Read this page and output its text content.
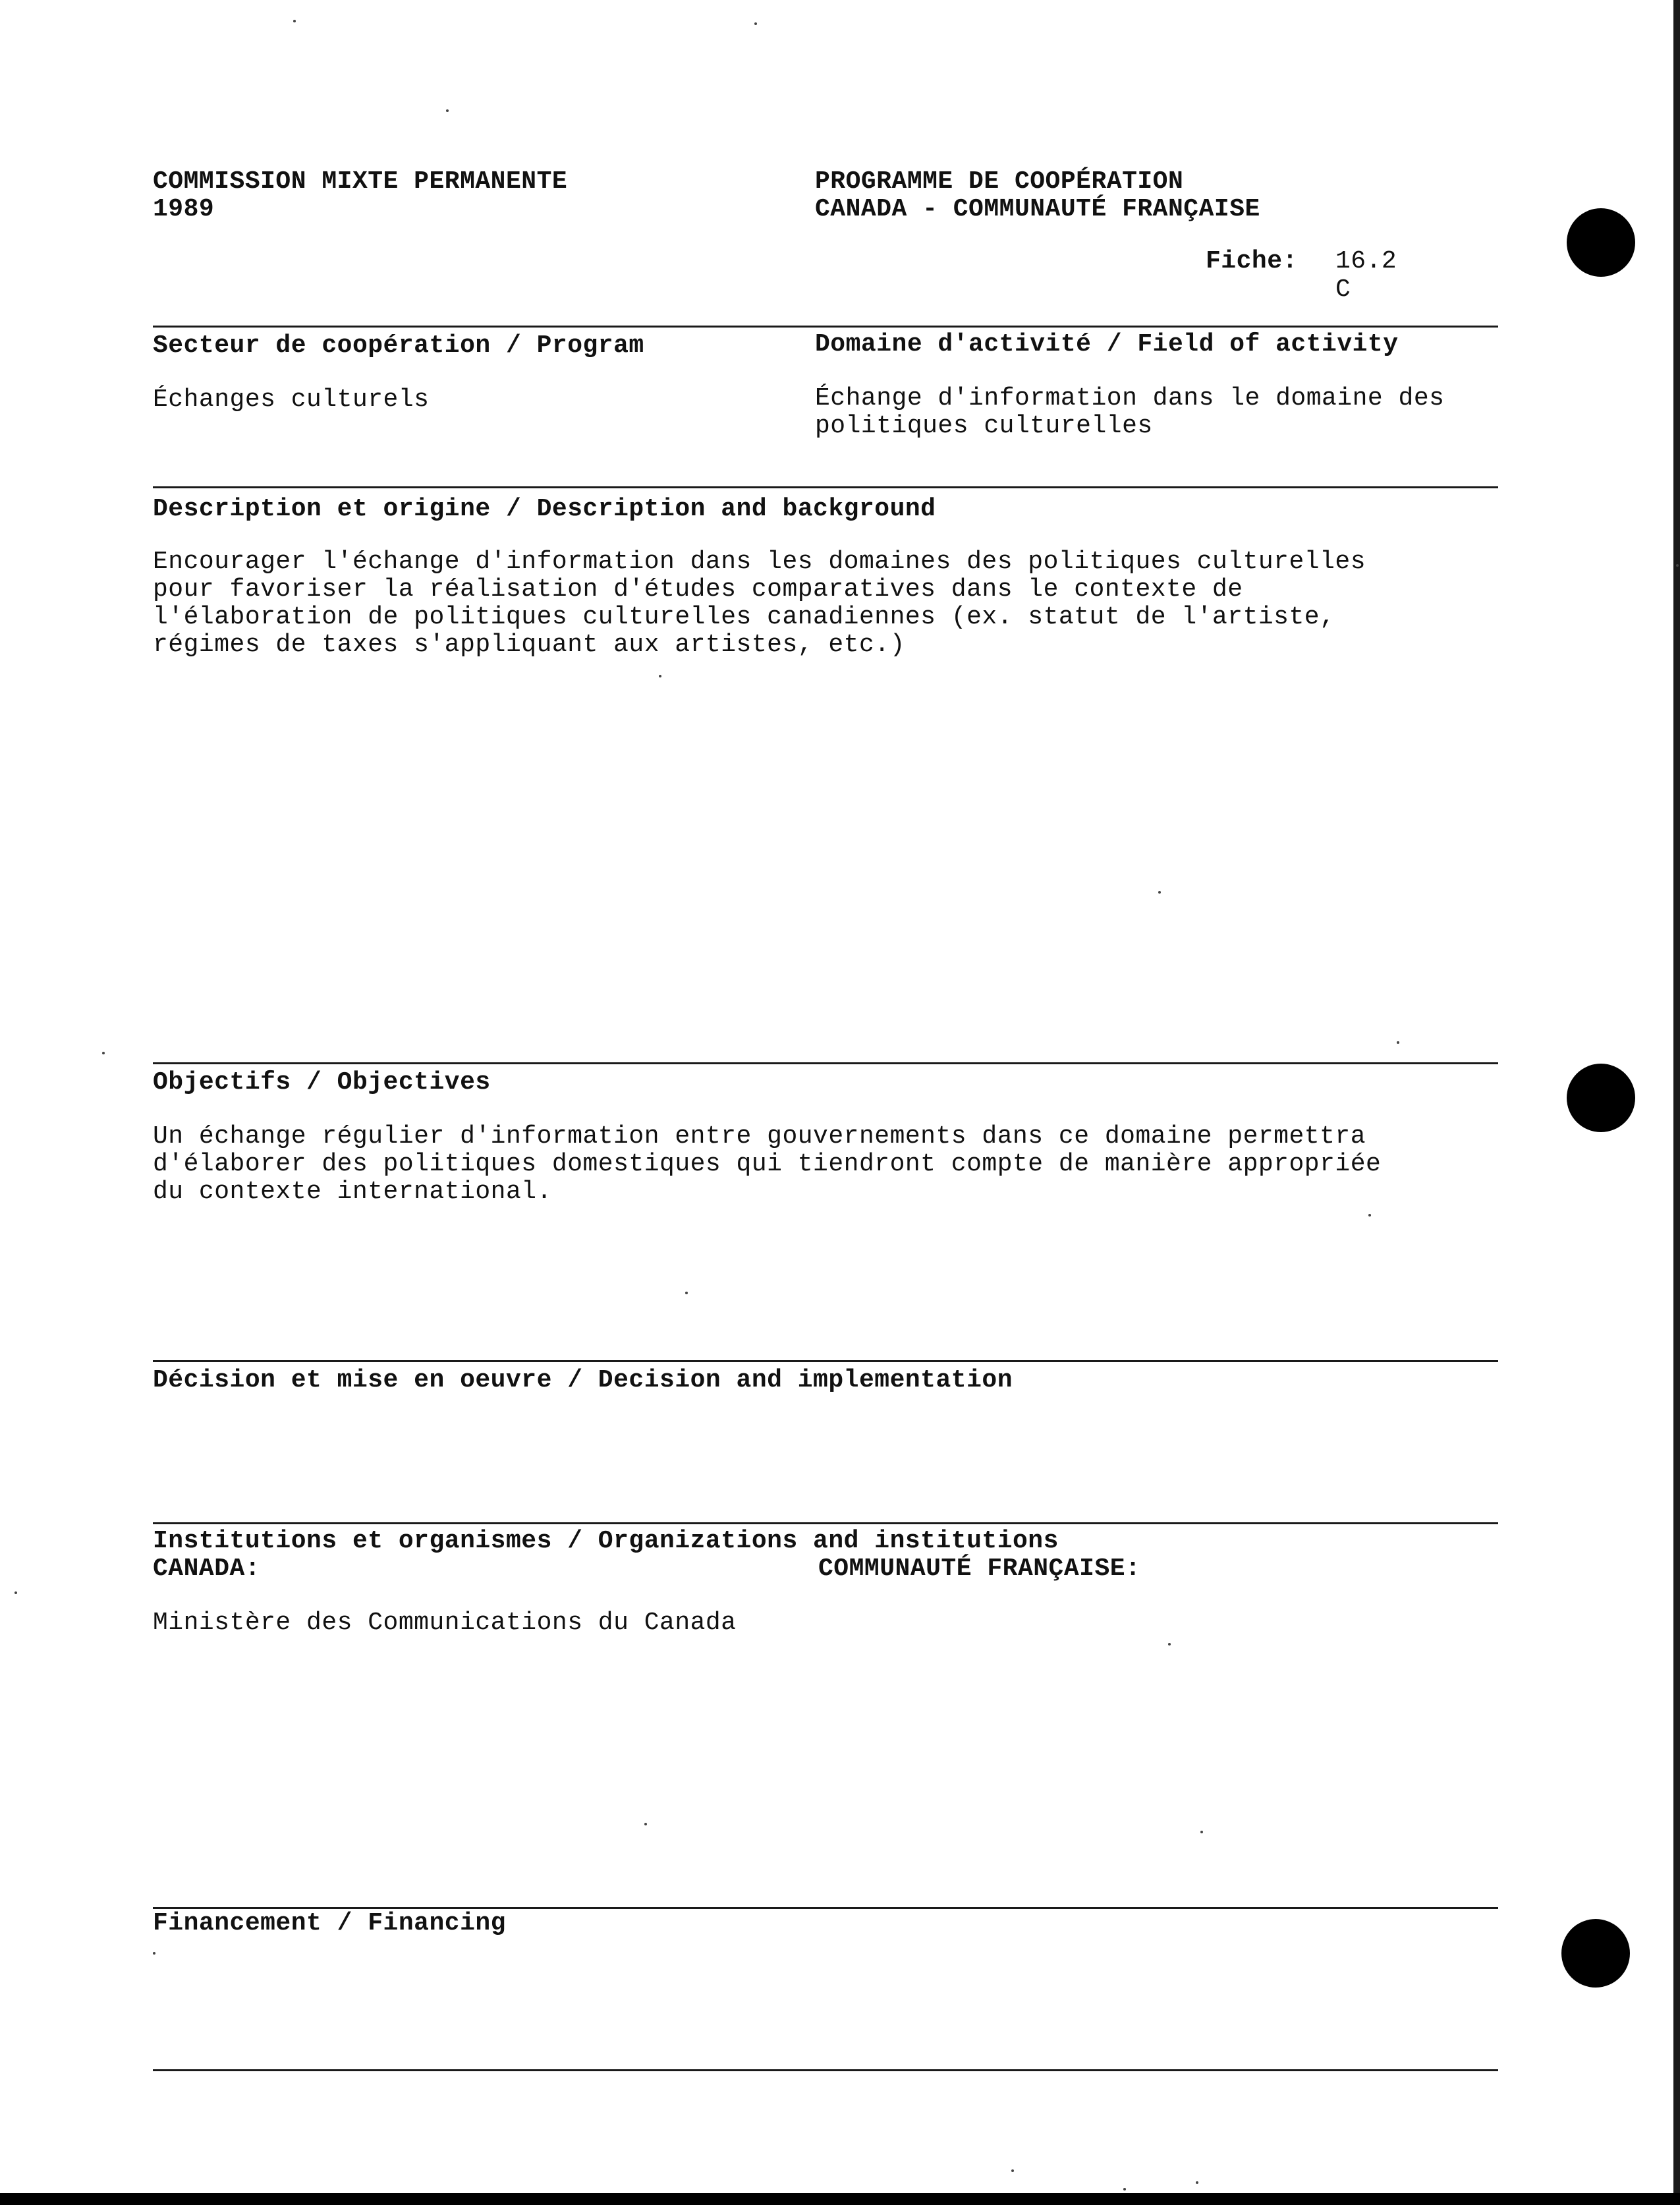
COMMISSION MIXTE PERMANENTE
1989
PROGRAMME DE COOPÉRATION
CANADA - COMMUNAUTÉ FRANÇAISE
Fiche: 16.2
C
Secteur de coopération / Program	Domaine d'activité / Field of activity
Échanges culturels	Échange d'information dans le domaine des
politiques culturelles
Description et origine / Description and background
Encourager l'échange d'information dans les domaines des politiques culturelles
pour favoriser la réalisation d'études comparatives dans le contexte de
l'élaboration de politiques culturelles canadiennes (ex. statut de l'artiste,
régimes de taxes s'appliquant aux artistes, etc.)
Objectifs / Objectives
Un échange régulier d'information entre gouvernements dans ce domaine permettra
d'élaborer des politiques domestiques qui tiendront compte de manière appropriée
du contexte international.
Décision et mise en oeuvre / Decision and implementation
Institutions et organismes / Organizations and institutions
CANADA:	COMMUNAUTÉ FRANÇAISE:
Ministère des Communications du Canada
Financement / Financing
